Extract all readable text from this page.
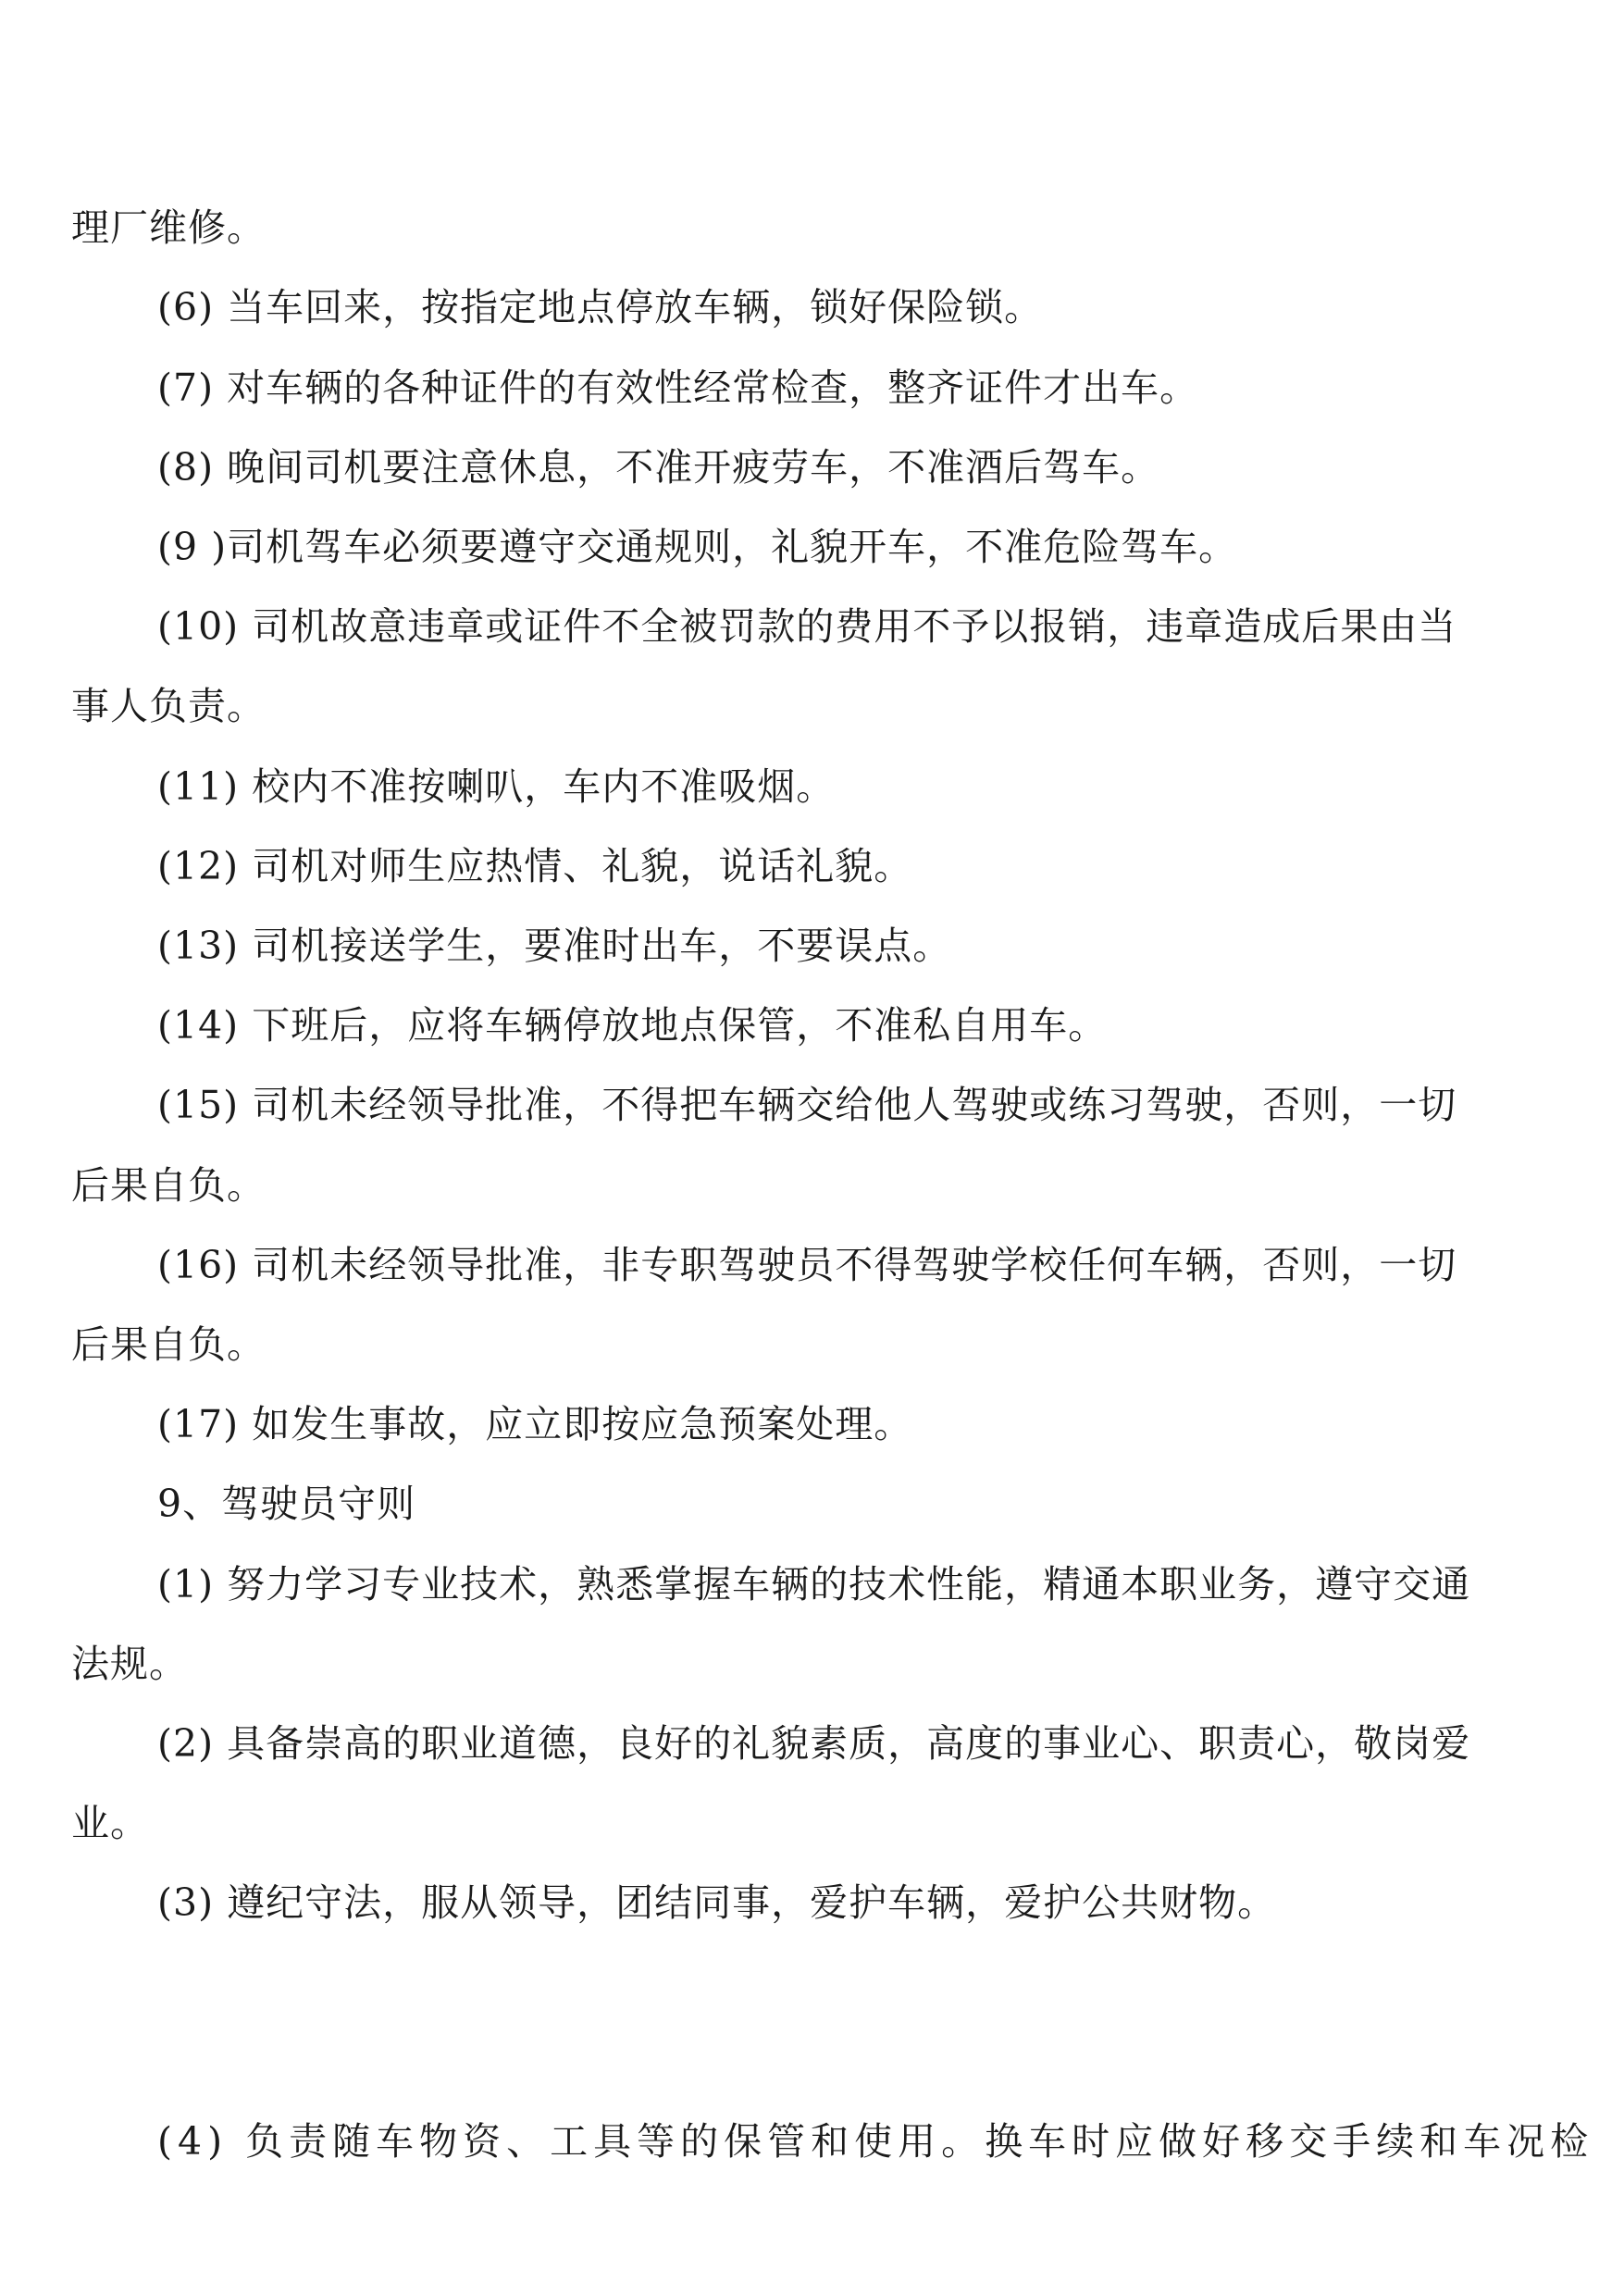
理厂维修。
(6) 当车回来，按指定地点停放车辆，锁好保险锁。
(7) 对车辆的各种证件的有效性经常检查，整齐证件才出车。
(8) 晚间司机要注意休息，不准开疲劳车，不准酒后驾车。
(9 )司机驾车必须要遵守交通规则，礼貌开车，不准危险驾车。
(10) 司机故意违章或证件不全被罚款的费用不予以报销，违章造成后果由当
事人负责。
(11) 校内不准按喇叭，车内不准吸烟。
(12) 司机对师生应热情、礼貌，说话礼貌。
(13) 司机接送学生，要准时出车，不要误点。
(14) 下班后，应将车辆停放地点保管，不准私自用车。
(15) 司机未经领导批准，不得把车辆交给他人驾驶或练习驾驶，否则，一切
后果自负。
(16) 司机未经领导批准，非专职驾驶员不得驾驶学校任何车辆，否则，一切
后果自负。
(17) 如发生事故，应立即按应急预案处理。
9、驾驶员守则
(1) 努力学习专业技术，熟悉掌握车辆的技术性能，精通本职业务，遵守交通
法规。
(2) 具备崇高的职业道德，良好的礼貌素质，高度的事业心、职责心，敬岗爱
业。
(3) 遵纪守法，服从领导，团结同事，爱护车辆，爱护公共财物。
(4) 负责随车物资、工具等的保管和使用。换车时应做好移交手续和车况检
